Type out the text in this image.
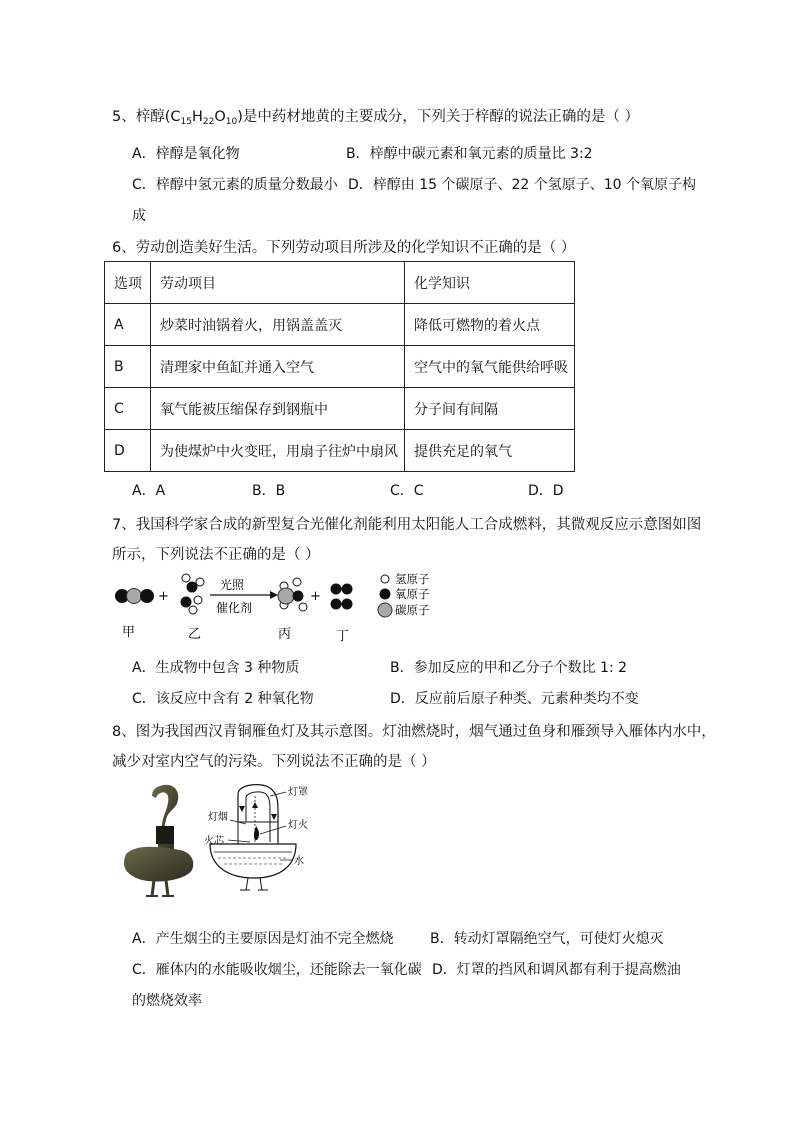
5、梓醇$(C_{15}H_{22}O_{10})$是中药材地黄的主要成分，下列关于梓醇的说法正确的是（ ）
A．梓醇是氧化物	B．梓醇中碳元素和氧元素的质量比 3:2
C．梓醇中氢元素的质量分数最小 D．梓醇由 15 个碳原子、22 个氢原子、10 个氧原子构
成
6、劳动创造美好生活。下列劳动项目所涉及的化学知识不正确的是（ ）
选项	劳动项目	化学知识
A	炒菜时油锅着火，用锅盖盖灭	降低可燃物的着火点
B	清理家中鱼缸并通入空气	空气中的氧气能供给呼吸
C	氧气能被压缩保存到钢瓶中	分子间有间隔
D	为使煤炉中火变旺，用扇子往炉中扇风	提供充足的氧气
A．A	B．B	C．C	D．D
7、我国科学家合成的新型复合光催化剂能利用太阳能人工合成燃料，其微观反应示意图如图
所示，下列说法不正确的是（ ）
+
光照
催化剂
+
甲	乙	丙	丁
氢原子
氧原子
碳原子
A．生成物中包含 3 种物质	B．参加反应的甲和乙分子个数比 1: 2
C．该反应中含有 2 种氧化物	D．反应前后原子种类、元素种类均不变
8、图为我国西汉青铜雁鱼灯及其示意图。灯油燃烧时，烟气通过鱼身和雁颈导入雁体内水中，
减少对室内空气的污染。下列说法不正确的是（ ）
灯罩
灯烟
灯火
火芯
水
A．产生烟尘的主要原因是灯油不完全燃烧	B．转动灯罩隔绝空气，可使灯火熄灭
C．雁体内的水能吸收烟尘，还能除去一氧化碳 D．灯罩的挡风和调风都有利于提高燃油
的燃烧效率
